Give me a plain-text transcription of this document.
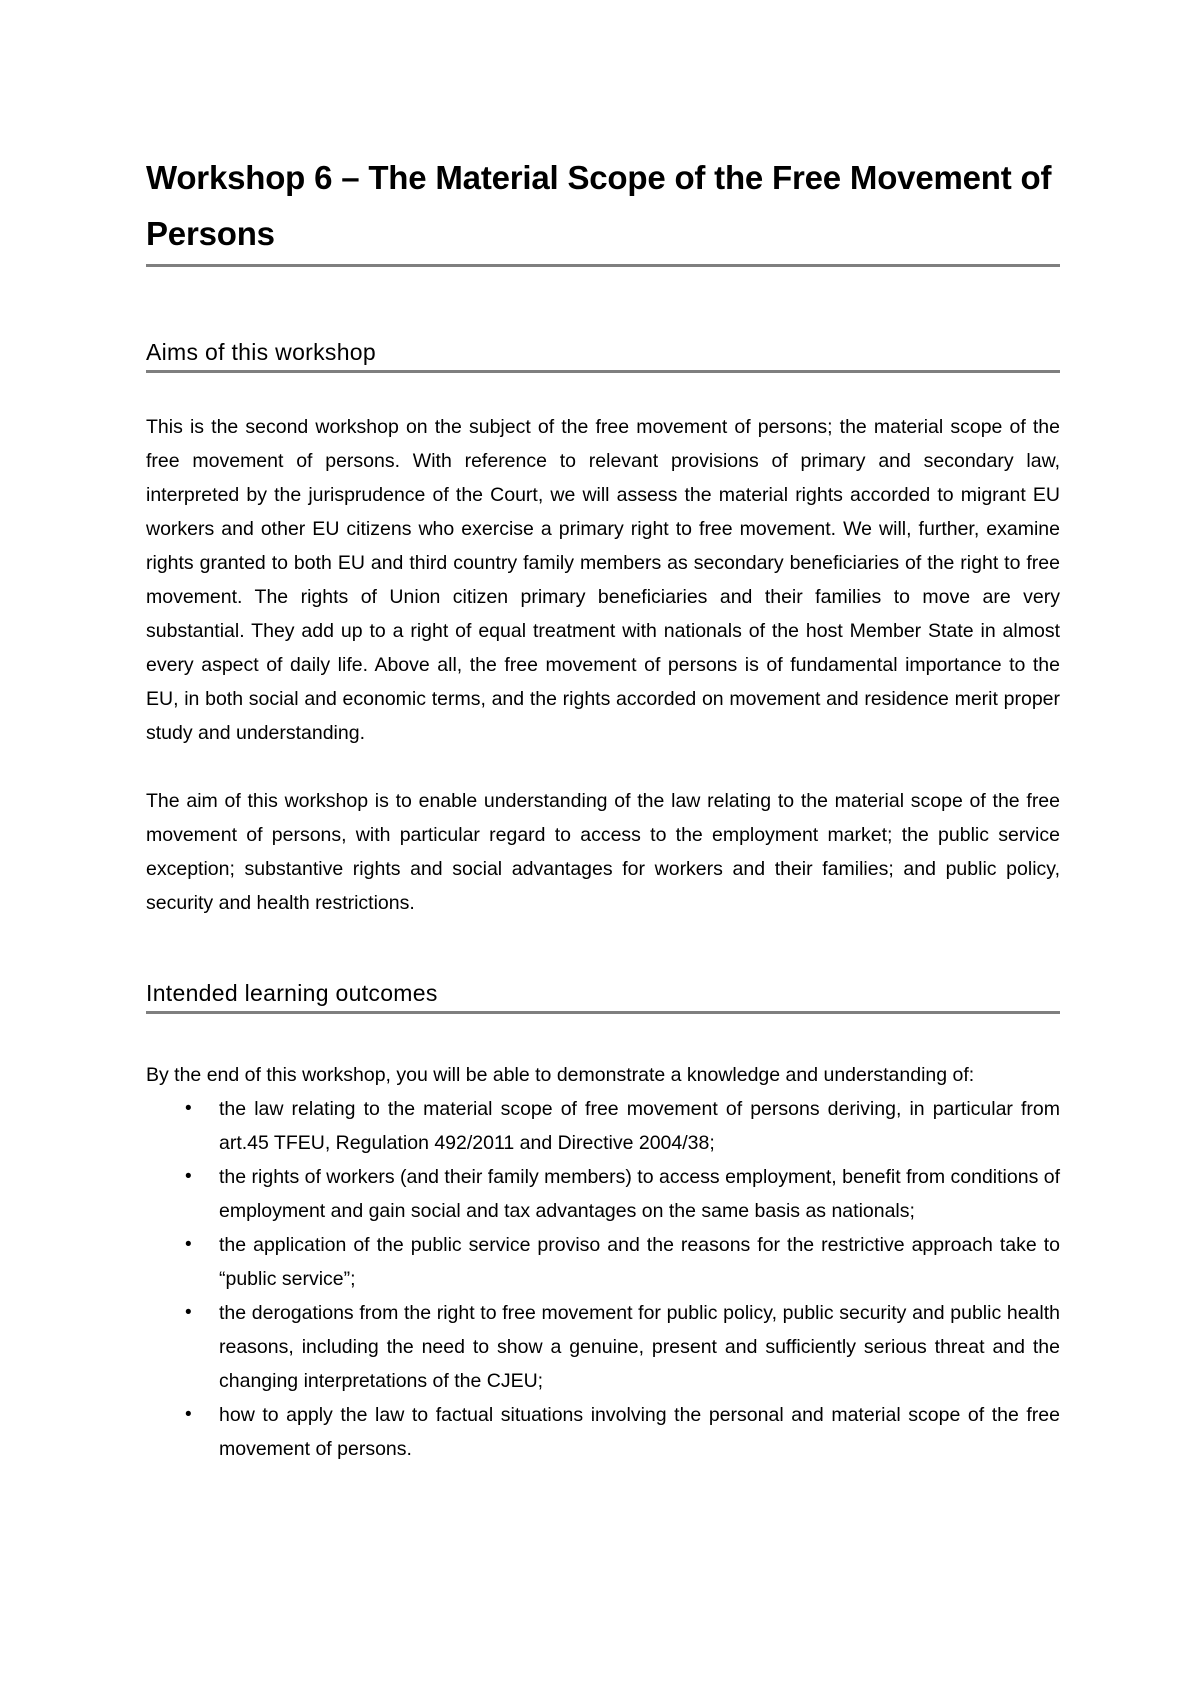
Workshop 6 – The Material Scope of the Free Movement of Persons
Aims of this workshop

This is the second workshop on the subject of the free movement of persons; the material scope of the free movement of persons. With reference to relevant provisions of primary and secondary law, interpreted by the jurisprudence of the Court, we will assess the material rights accorded to migrant EU workers and other EU citizens who exercise a primary right to free movement. We will, further, examine rights granted to both EU and third country family members as secondary beneficiaries of the right to free movement. The rights of Union citizen primary beneficiaries and their families to move are very substantial. They add up to a right of equal treatment with nationals of the host Member State in almost every aspect of daily life. Above all, the free movement of persons is of fundamental importance to the EU, in both social and economic terms, and the rights accorded on movement and residence merit proper study and understanding.

The aim of this workshop is to enable understanding of the law relating to the material scope of the free movement of persons, with particular regard to access to the employment market; the public service exception; substantive rights and social advantages for workers and their families; and public policy, security and health restrictions.

Intended learning outcomes

By the end of this workshop, you will be able to demonstrate a knowledge and understanding of:

• the law relating to the material scope of free movement of persons deriving, in particular from art.45 TFEU, Regulation 492/2011 and Directive 2004/38;
• the rights of workers (and their family members) to access employment, benefit from conditions of employment and gain social and tax advantages on the same basis as nationals;
• the application of the public service proviso and the reasons for the restrictive approach take to “public service”;
• the derogations from the right to free movement for public policy, public security and public health reasons, including the need to show a genuine, present and sufficiently serious threat and the changing interpretations of the CJEU;
• how to apply the law to factual situations involving the personal and material scope of the free movement of persons.
